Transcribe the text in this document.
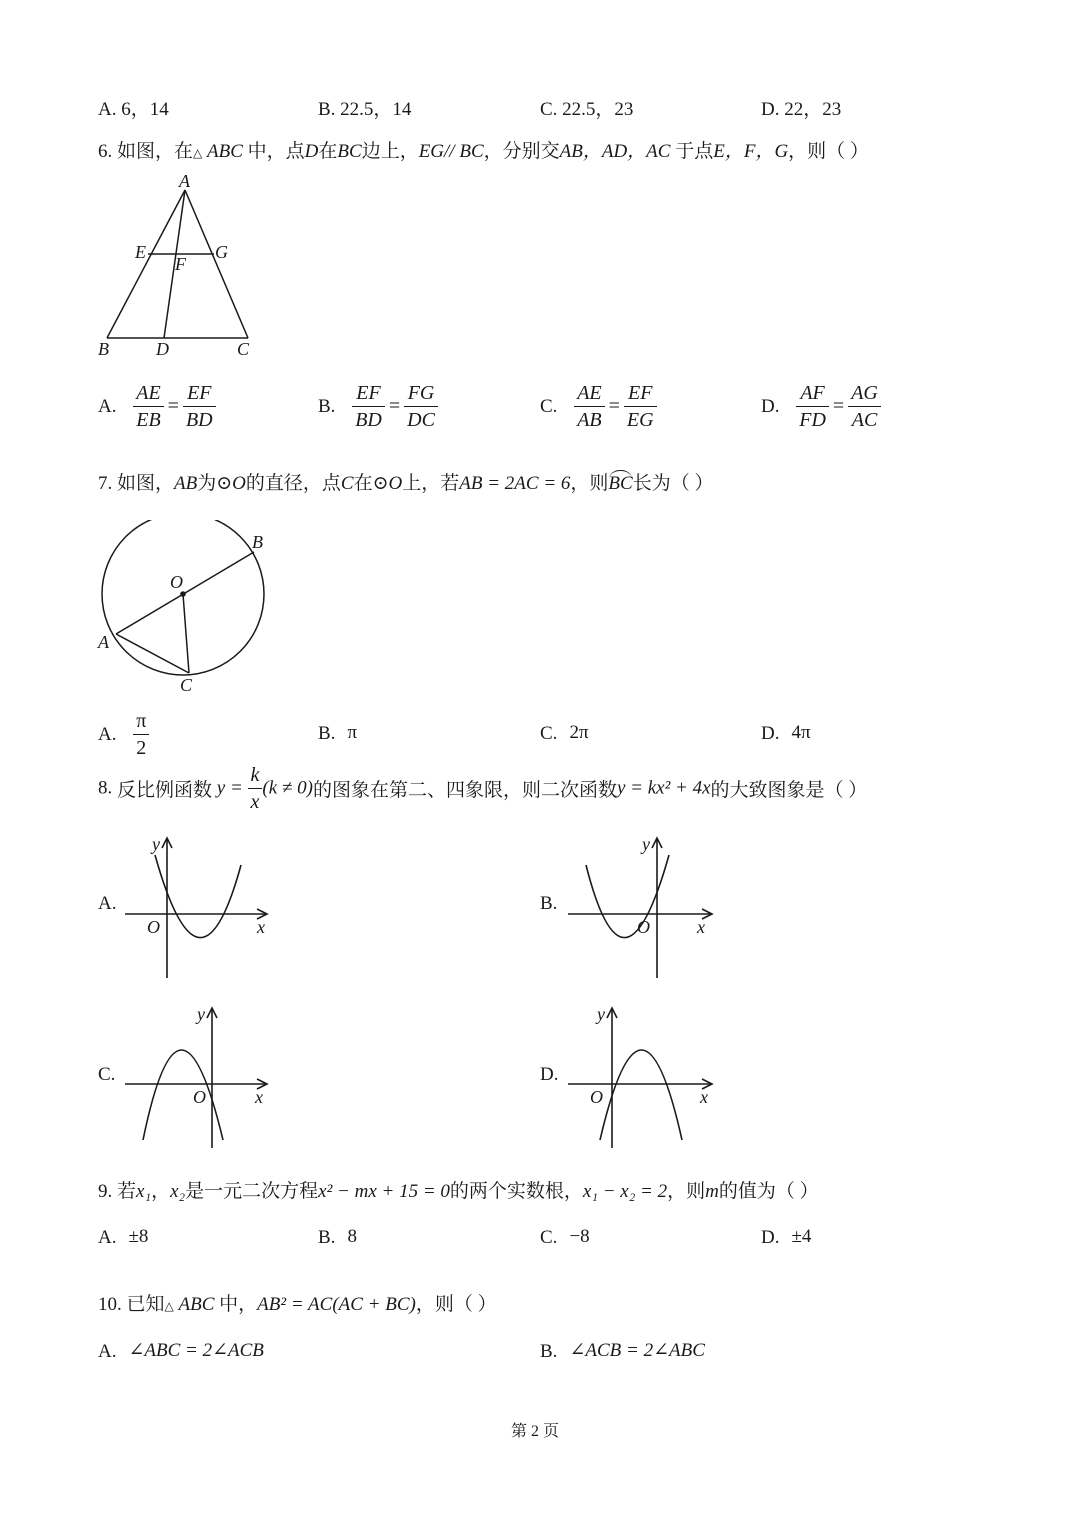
A. 6，14	B. 22.5，14	C. 22.5，23	D. 22，23
6. 如图，在△ ABC 中，点D在BC边上，EG// BC，分别交AB，AD，AC 于点E，F，G，则（ ）
A
E	G
F
B	D	C
A. $\frac{AE}{EB} = \frac{EF}{BD}$	B. $\frac{EF}{BD} = \frac{FG}{DC}$	C. $\frac{AE}{AB} = \frac{EF}{EG}$	D. $\frac{AF}{FD} = \frac{AG}{AC}$
7. 如图，AB为⊙O的直径，点C在⊙O上，若AB = 2AC = 6，则BC长为（ ）
B
O
A
C
A. $\frac{\pi}{2}$	B. π	C. 2π	D. 4π
8. 反比例函数 $y = \frac{k}{x} (k \ne 0)$的图象在第二、四象限，则二次函数y = kx² + 4x的大致图象是（ ）
A.
y
O	x
B.
y
O	x
C.
y
O	x
D.
y
O	x
9. 若x₁，x₂是一元二次方程x² − mx + 15 = 0的两个实数根，x₁ − x₂ = 2，则m的值为（ ）
A. ±8	B. 8	C. −8	D. ±4
10. 已知△ ABC 中，AB² = AC(AC + BC)，则（ ）
A. ∠ABC = 2∠ACB	B. ∠ACB = 2∠ABC
第 2 页
